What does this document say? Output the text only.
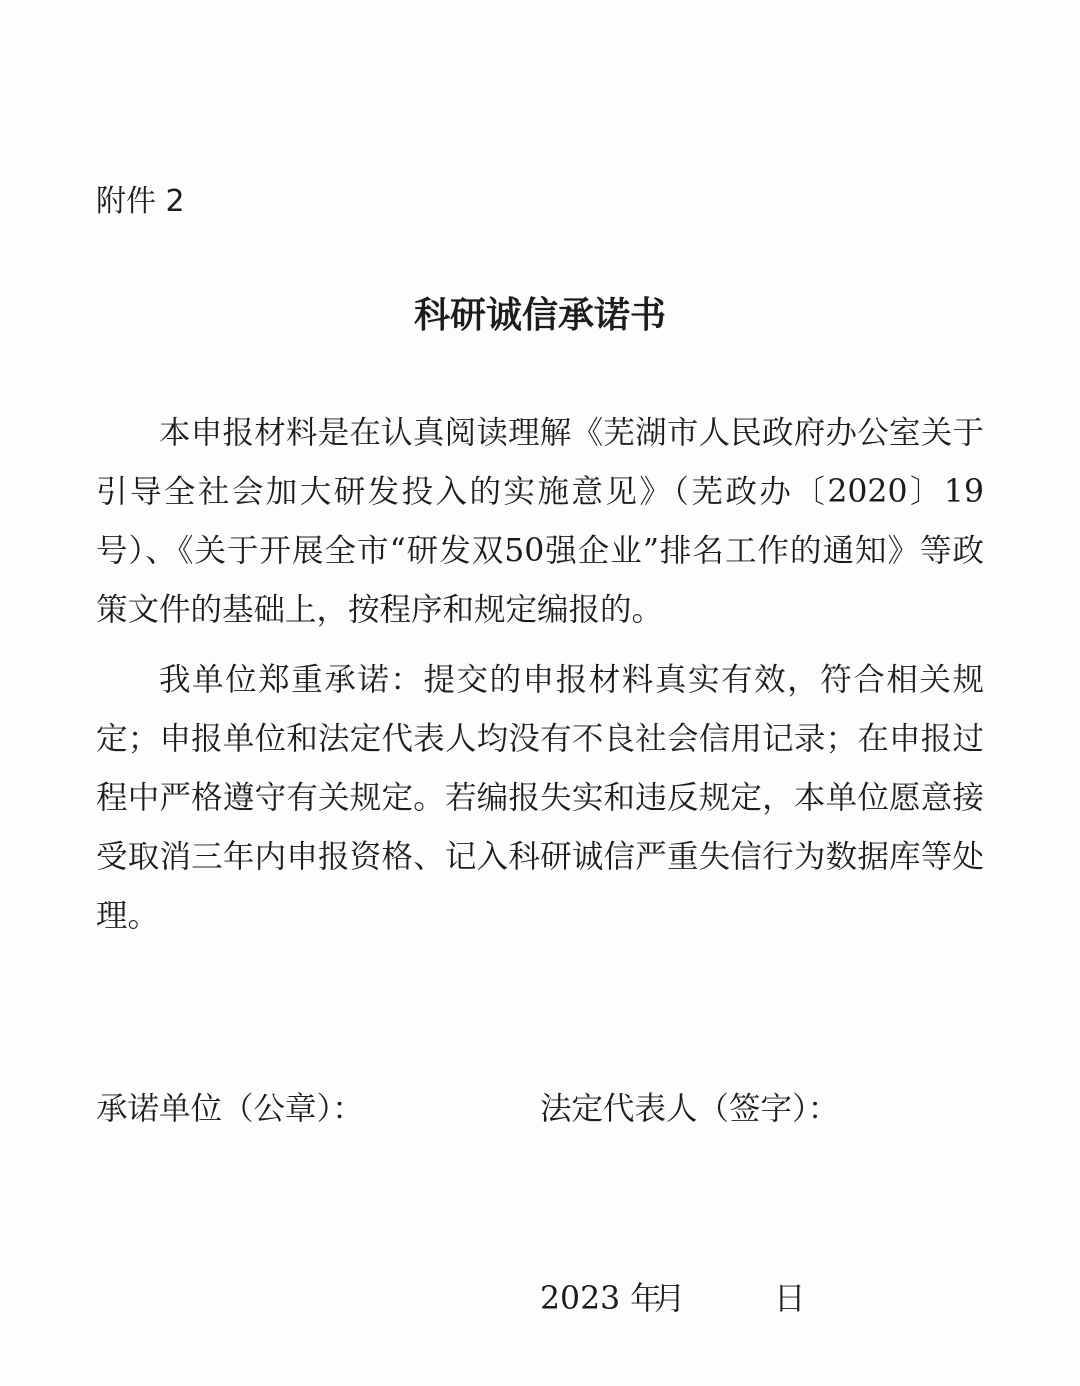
附件 2
科研诚信承诺书

本申报材料是在认真阅读理解《芜湖市人民政府办公室关于引导全社会加大研发投入的实施意见》（芜政办〔2020〕19号）、《关于开展全市“研发双50强企业”排名工作的通知》等政策文件的基础上，按程序和规定编报的。

我单位郑重承诺：提交的申报材料真实有效，符合相关规定；申报单位和法定代表人均没有不良社会信用记录；在申报过程中严格遵守有关规定。若编报失实和违反规定，本单位愿意接受取消三年内申报资格、记入科研诚信严重失信行为数据库等处理。

承诺单位（公章）：	法定代表人（签字）：
2023 年月	日
